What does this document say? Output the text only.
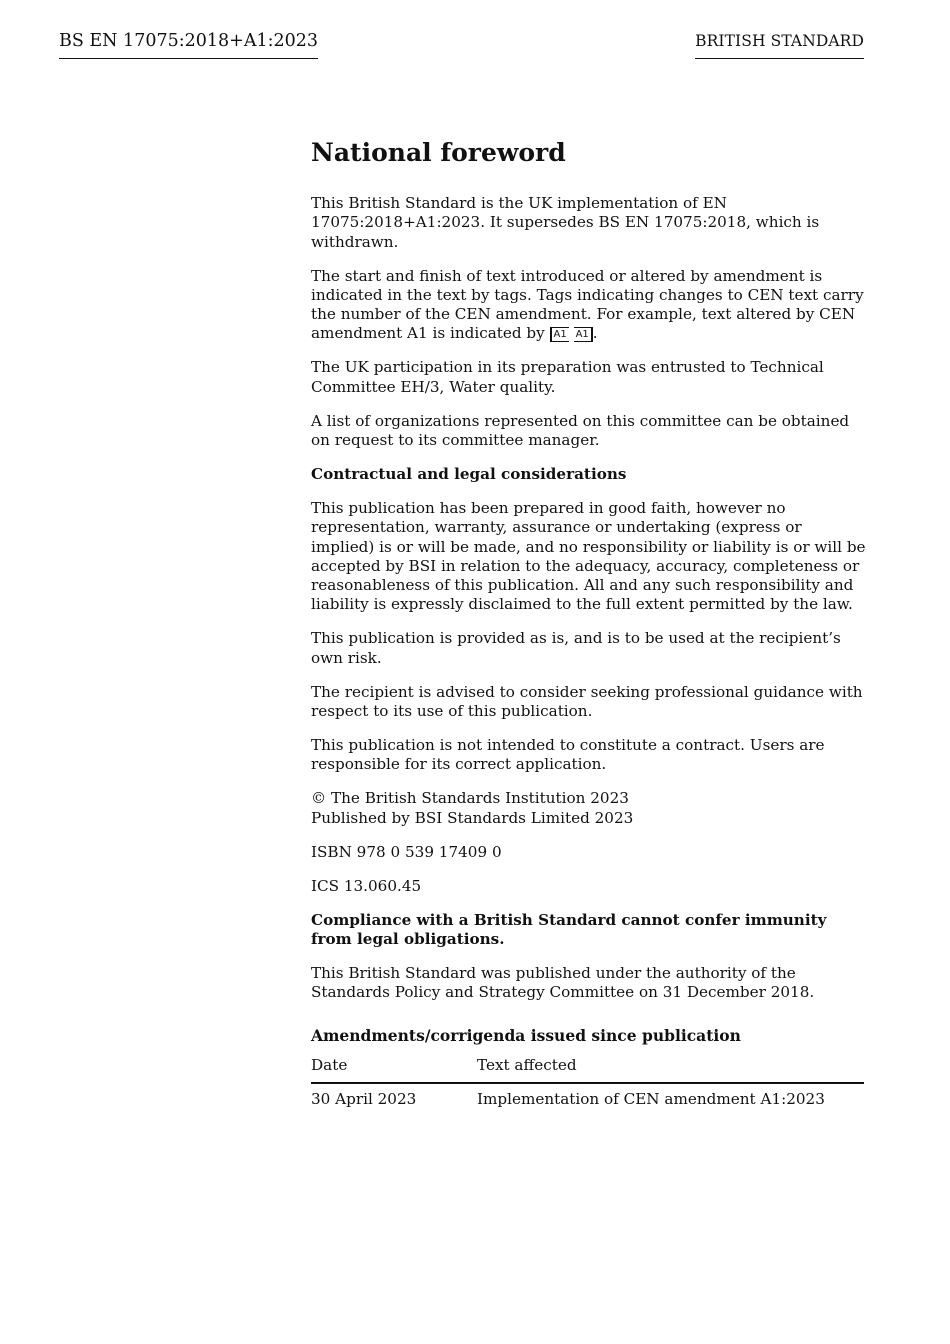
BS EN 17075:2018+A1:2023	BRITISH STANDARD
National foreword

This British Standard is the UK implementation of EN 17075:2018+A1:2023. It supersedes BS EN 17075:2018, which is withdrawn.

The start and finish of text introduced or altered by amendment is indicated in the text by tags. Tags indicating changes to CEN text carry the number of the CEN amendment. For example, text altered by CEN amendment A1 is indicated by A1 A1 .

The UK participation in its preparation was entrusted to Technical Committee EH/3, Water quality.

A list of organizations represented on this committee can be obtained on request to its committee manager.

Contractual and legal considerations

This publication has been prepared in good faith, however no representation, warranty, assurance or undertaking (express or implied) is or will be made, and no responsibility or liability is or will be accepted by BSI in relation to the adequacy, accuracy, completeness or reasonableness of this publication. All and any such responsibility and liability is expressly disclaimed to the full extent permitted by the law.

This publication is provided as is, and is to be used at the recipient’s own risk.

The recipient is advised to consider seeking professional guidance with respect to its use of this publication.

This publication is not intended to constitute a contract. Users are responsible for its correct application.

© The British Standards Institution 2023
Published by BSI Standards Limited 2023

ISBN 978 0 539 17409 0

ICS 13.060.45

Compliance with a British Standard cannot confer immunity from legal obligations.

This British Standard was published under the authority of the Standards Policy and Strategy Committee on 31 December 2018.

Amendments/corrigenda issued since publication
Date	Text affected
30 April 2023	Implementation of CEN amendment A1:2023
